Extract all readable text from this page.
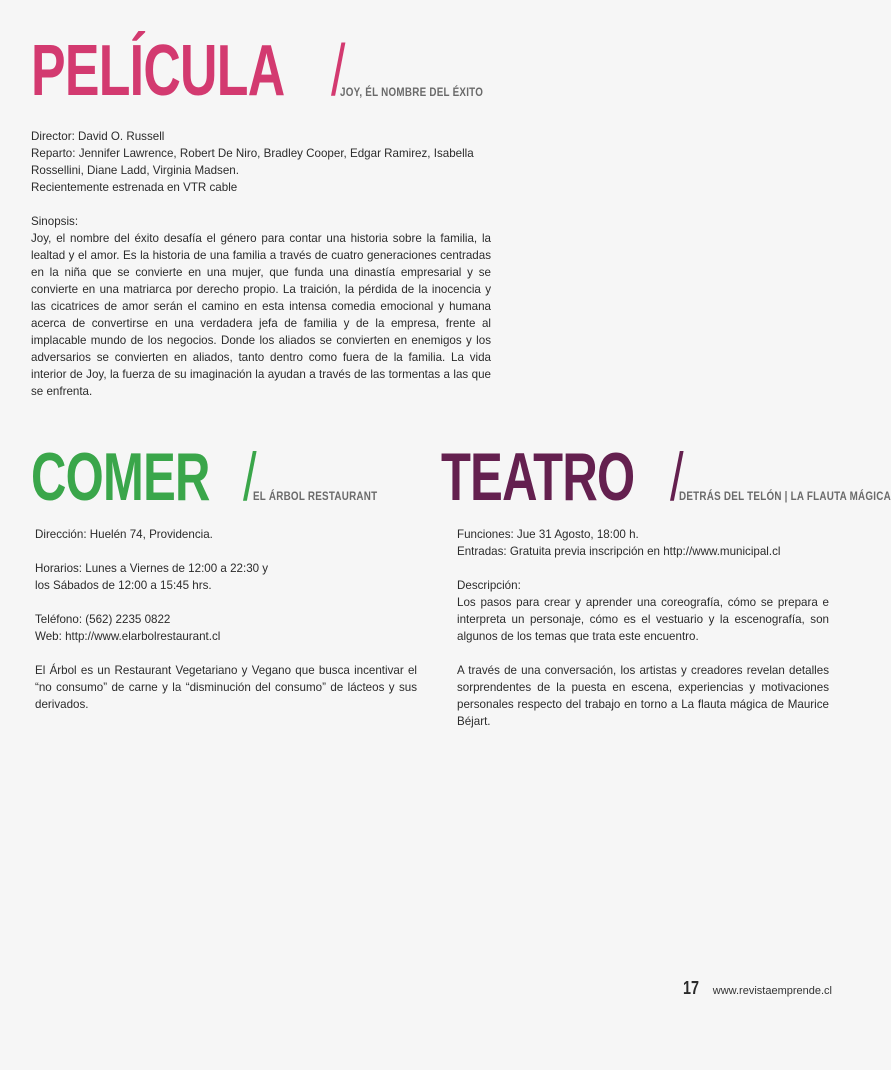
PELÍCULA /
JOY, ÉL NOMBRE DEL ÉXITO

Director: David O. Russell

Reparto: Jennifer Lawrence, Robert De Niro, Bradley Cooper, Edgar Ramirez, Isabella

Rossellini, Diane Ladd, Virginia Madsen.

Recientemente estrenada en VTR cable

Sinopsis:

Joy, el nombre del éxito desafía el género para contar una historia sobre la familia, la lealtad y el amor. Es la historia de una familia a través de cuatro generaciones centradas en la niña que se convierte en una mujer, que funda una dinastía empresarial y se convierte en una matriarca por derecho propio. La traición, la pérdida de la inocencia y las cicatrices de amor serán el camino en esta intensa comedia emocional y humana acerca de convertirse en una verdadera jefa de familia y de la empresa, frente al implacable mundo de los negocios. Donde los aliados se convierten en enemigos y los adversarios se convierten en aliados, tanto dentro como fuera de la familia. La vida interior de Joy, la fuerza de su imaginación la ayudan a través de las tormentas a las que se enfrenta.

COMER /
EL ÁRBOL RESTAURANT

Dirección: Huelén 74, Providencia.

Horarios: Lunes a Viernes de 12:00 a 22:30 y

los Sábados de 12:00 a 15:45 hrs.

Teléfono: (562) 2235 0822

Web: http://www.elarbolrestaurant.cl

El Árbol es un Restaurant Vegetariano y Vegano que busca incentivar el “no consumo” de carne y la “disminución del consumo” de lácteos y sus derivados.

TEATRO /
DETRÁS DEL TELÓN | LA FLAUTA MÁGICA

Funciones: Jue 31 Agosto, 18:00 h.

Entradas: Gratuita previa inscripción en http://www.municipal.cl

Descripción:

Los pasos para crear y aprender una coreografía, cómo se prepara e interpreta un personaje, cómo es el vestuario y la escenografía, son algunos de los temas que trata este encuentro.

A través de una conversación, los artistas y creadores revelan detalles sorprendentes de la puesta en escena, experiencias y motivaciones personales respecto del trabajo en torno a La flauta mágica de Maurice Béjart.

17 www.revistaemprende.cl
